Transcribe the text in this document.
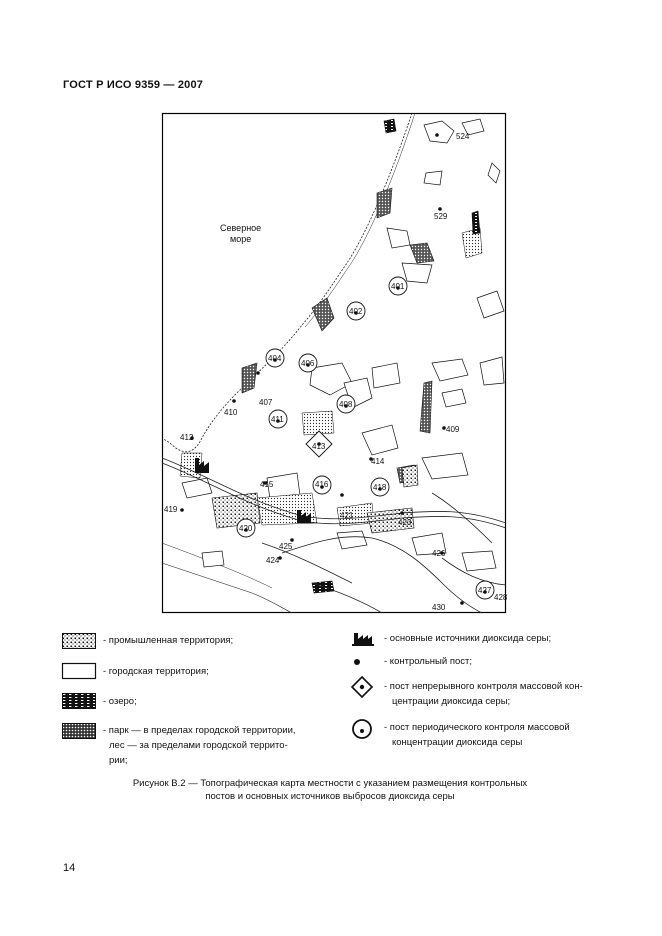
ГОСТ Р ИСО 9359 — 2007
Северное
море
524
529
401
402
404
406
407	408
409
410
411
412
413
414
415	416	418
419
420
421
423
424
425
426
427
428
430
- промышленная территория;
- городская территория;
- озеро;
- парк — в пределах городской территории,
лес — за пределами городской террито-
рии;
- основные источники диоксида серы;
- контрольный пост;
- пост непрерывного контроля массовой кон-
центрации диоксида серы;
- пост периодического контроля массовой
концентрации диоксида серы
Рисунок В.2 — Топографическая карта местности с указанием размещения контрольных
постов и основных источников выбросов диоксида серы
14
